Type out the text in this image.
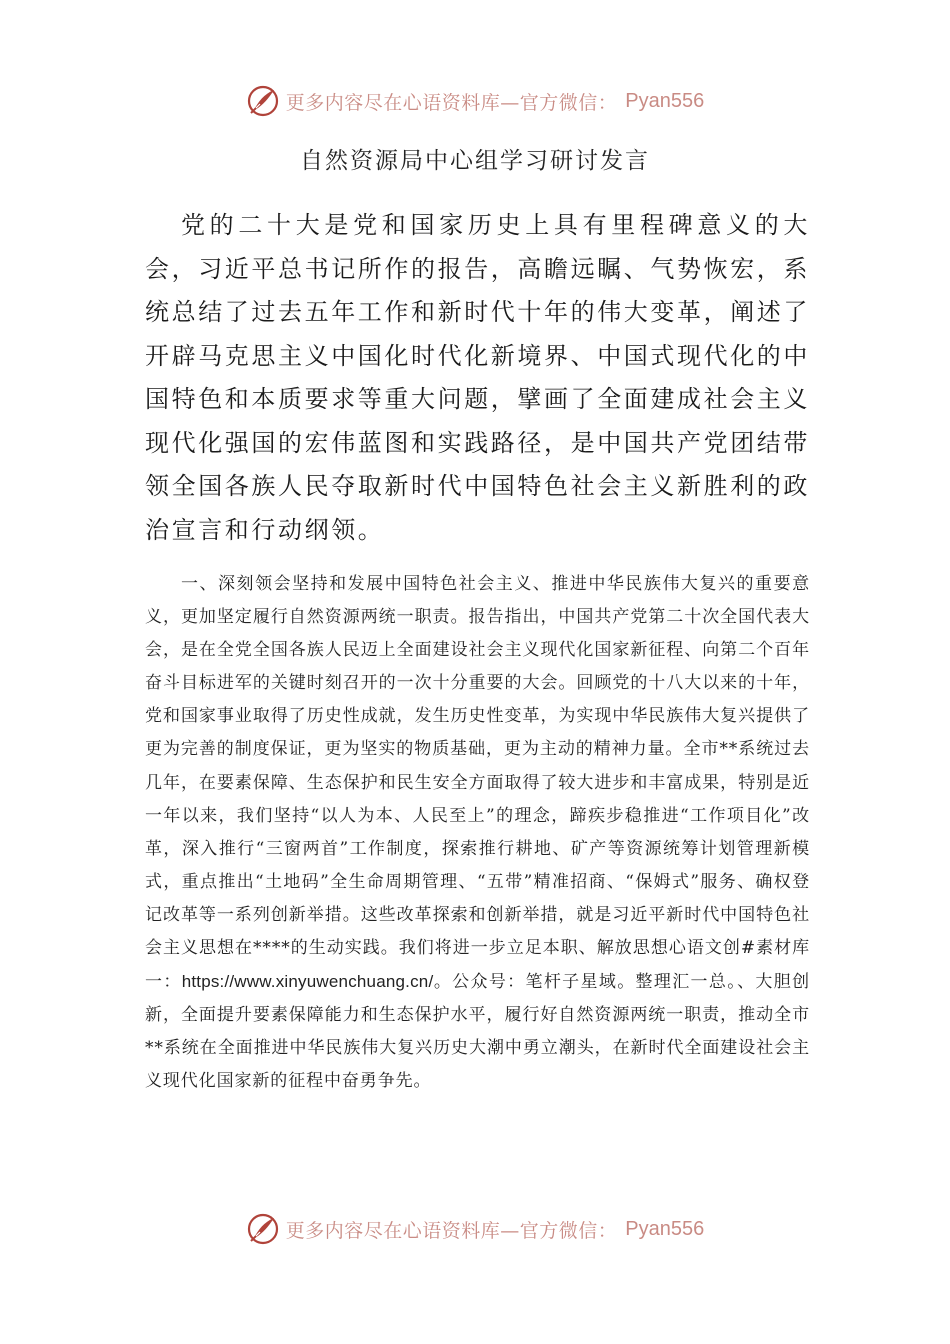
更多内容尽在心语资料库—官方微信： Pyan556
自然资源局中心组学习研讨发言

党的二十大是党和国家历史上具有里程碑意义的大会，习近平总书记所作的报告，高瞻远瞩、气势恢宏，系统总结了过去五年工作和新时代十年的伟大变革，阐述了开辟马克思主义中国化时代化新境界、中国式现代化的中国特色和本质要求等重大问题，擘画了全面建成社会主义现代化强国的宏伟蓝图和实践路径，是中国共产党团结带领全国各族人民夺取新时代中国特色社会主义新胜利的政治宣言和行动纲领。

一、深刻领会坚持和发展中国特色社会主义、推进中华民族伟大复兴的重要意义，更加坚定履行自然资源两统一职责。报告指出，中国共产党第二十次全国代表大会，是在全党全国各族人民迈上全面建设社会主义现代化国家新征程、向第二个百年奋斗目标进军的关键时刻召开的一次十分重要的大会。回顾党的十八大以来的十年，党和国家事业取得了历史性成就，发生历史性变革，为实现中华民族伟大复兴提供了更为完善的制度保证，更为坚实的物质基础，更为主动的精神力量。全市**系统过去几年，在要素保障、生态保护和民生安全方面取得了较大进步和丰富成果，特别是近一年以来，我们坚持“以人为本、人民至上”的理念，蹄疾步稳推进“工作项目化”改革，深入推行“三窗两首”工作制度，探索推行耕地、矿产等资源统筹计划管理新模式，重点推出“土地码”全生命周期管理、“五带”精准招商、“保姆式”服务、确权登记改革等一系列创新举措。这些改革探索和创新举措，就是习近平新时代中国特色社会主义思想在****的生动实践。我们将进一步立足本职、解放思想心语文创#素材库一：https://www.xinyuwenchuang.cn/。公众号：笔杆子星域。整理汇一总。、大胆创新，全面提升要素保障能力和生态保护水平，履行好自然资源两统一职责，推动全市**系统在全面推进中华民族伟大复兴历史大潮中勇立潮头，在新时代全面建设社会主义现代化国家新的征程中奋勇争先。

更多内容尽在心语资料库—官方微信： Pyan556
